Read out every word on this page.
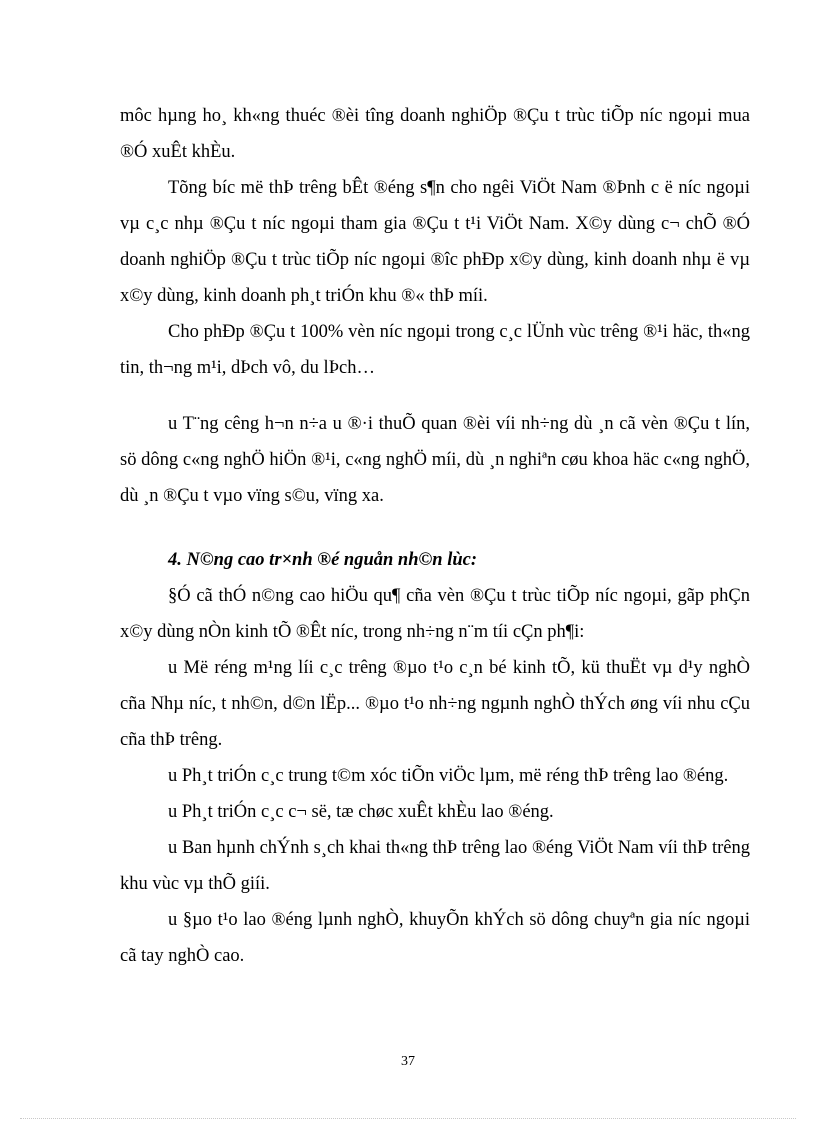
môc hµng ho¸ kh«ng thuéc ®èi tîng doanh nghiÖp ®Çu t trùc tiÕp níc ngoµi mua ®Ó xuÊt khÈu.

Tõng bíc më thÞ trêng bÊt ®éng s¶n cho ngêi ViÖt Nam ®Þnh c ë níc ngoµi vµ c¸c nhµ ®Çu t níc ngoµi tham gia ®Çu t t¹i ViÖt Nam. X©y dùng c¬ chÕ ®Ó doanh nghiÖp ®Çu t trùc tiÕp níc ngoµi ®îc phÐp x©y dùng, kinh doanh nhµ ë vµ x©y dùng, kinh doanh ph¸t triÓn khu ®« thÞ míi.

Cho phÐp ®Çu t 100% vèn níc ngoµi trong c¸c lÜnh vùc trêng ®¹i häc, th«ng tin, th¬ng m¹i, dÞch vô, du lÞch…

u T¨ng cêng h¬n n÷a u ®·i thuÕ quan ®èi víi nh÷ng dù ¸n cã vèn ®Çu t lín, sö dông c«ng nghÖ hiÖn ®¹i, c«ng nghÖ míi, dù ¸n nghiªn cøu khoa häc c«ng nghÖ, dù ¸n ®Çu t vµo vïng s©u, vïng xa.

4. N©ng cao tr×nh ®é nguån nh©n lùc:

§Ó cã thÓ n©ng cao hiÖu qu¶ cña vèn ®Çu t trùc tiÕp níc ngoµi, gãp phÇn x©y dùng nÒn kinh tÕ ®Êt níc, trong nh÷ng n¨m tíi cÇn ph¶i:

u Më réng m¹ng líi c¸c trêng ®µo t¹o c¸n bé kinh tÕ, kü thuËt vµ d¹y nghÒ cña Nhµ níc, t nh©n, d©n lËp... ®µo t¹o nh÷ng ngµnh nghÒ thÝch øng víi nhu cÇu cña thÞ trêng.

u Ph¸t triÓn c¸c trung t©m xóc tiÕn viÖc lµm, më réng thÞ trêng lao ®éng.

u Ph¸t triÓn c¸c c¬ së, tæ chøc xuÊt khÈu lao ®éng.

u Ban hµnh chÝnh s¸ch khai th«ng thÞ trêng lao ®éng ViÖt Nam víi thÞ trêng khu vùc vµ thÕ giíi.

u §µo t¹o lao ®éng lµnh nghÒ, khuyÕn khÝch sö dông chuyªn gia níc ngoµi cã tay nghÒ cao.

37
